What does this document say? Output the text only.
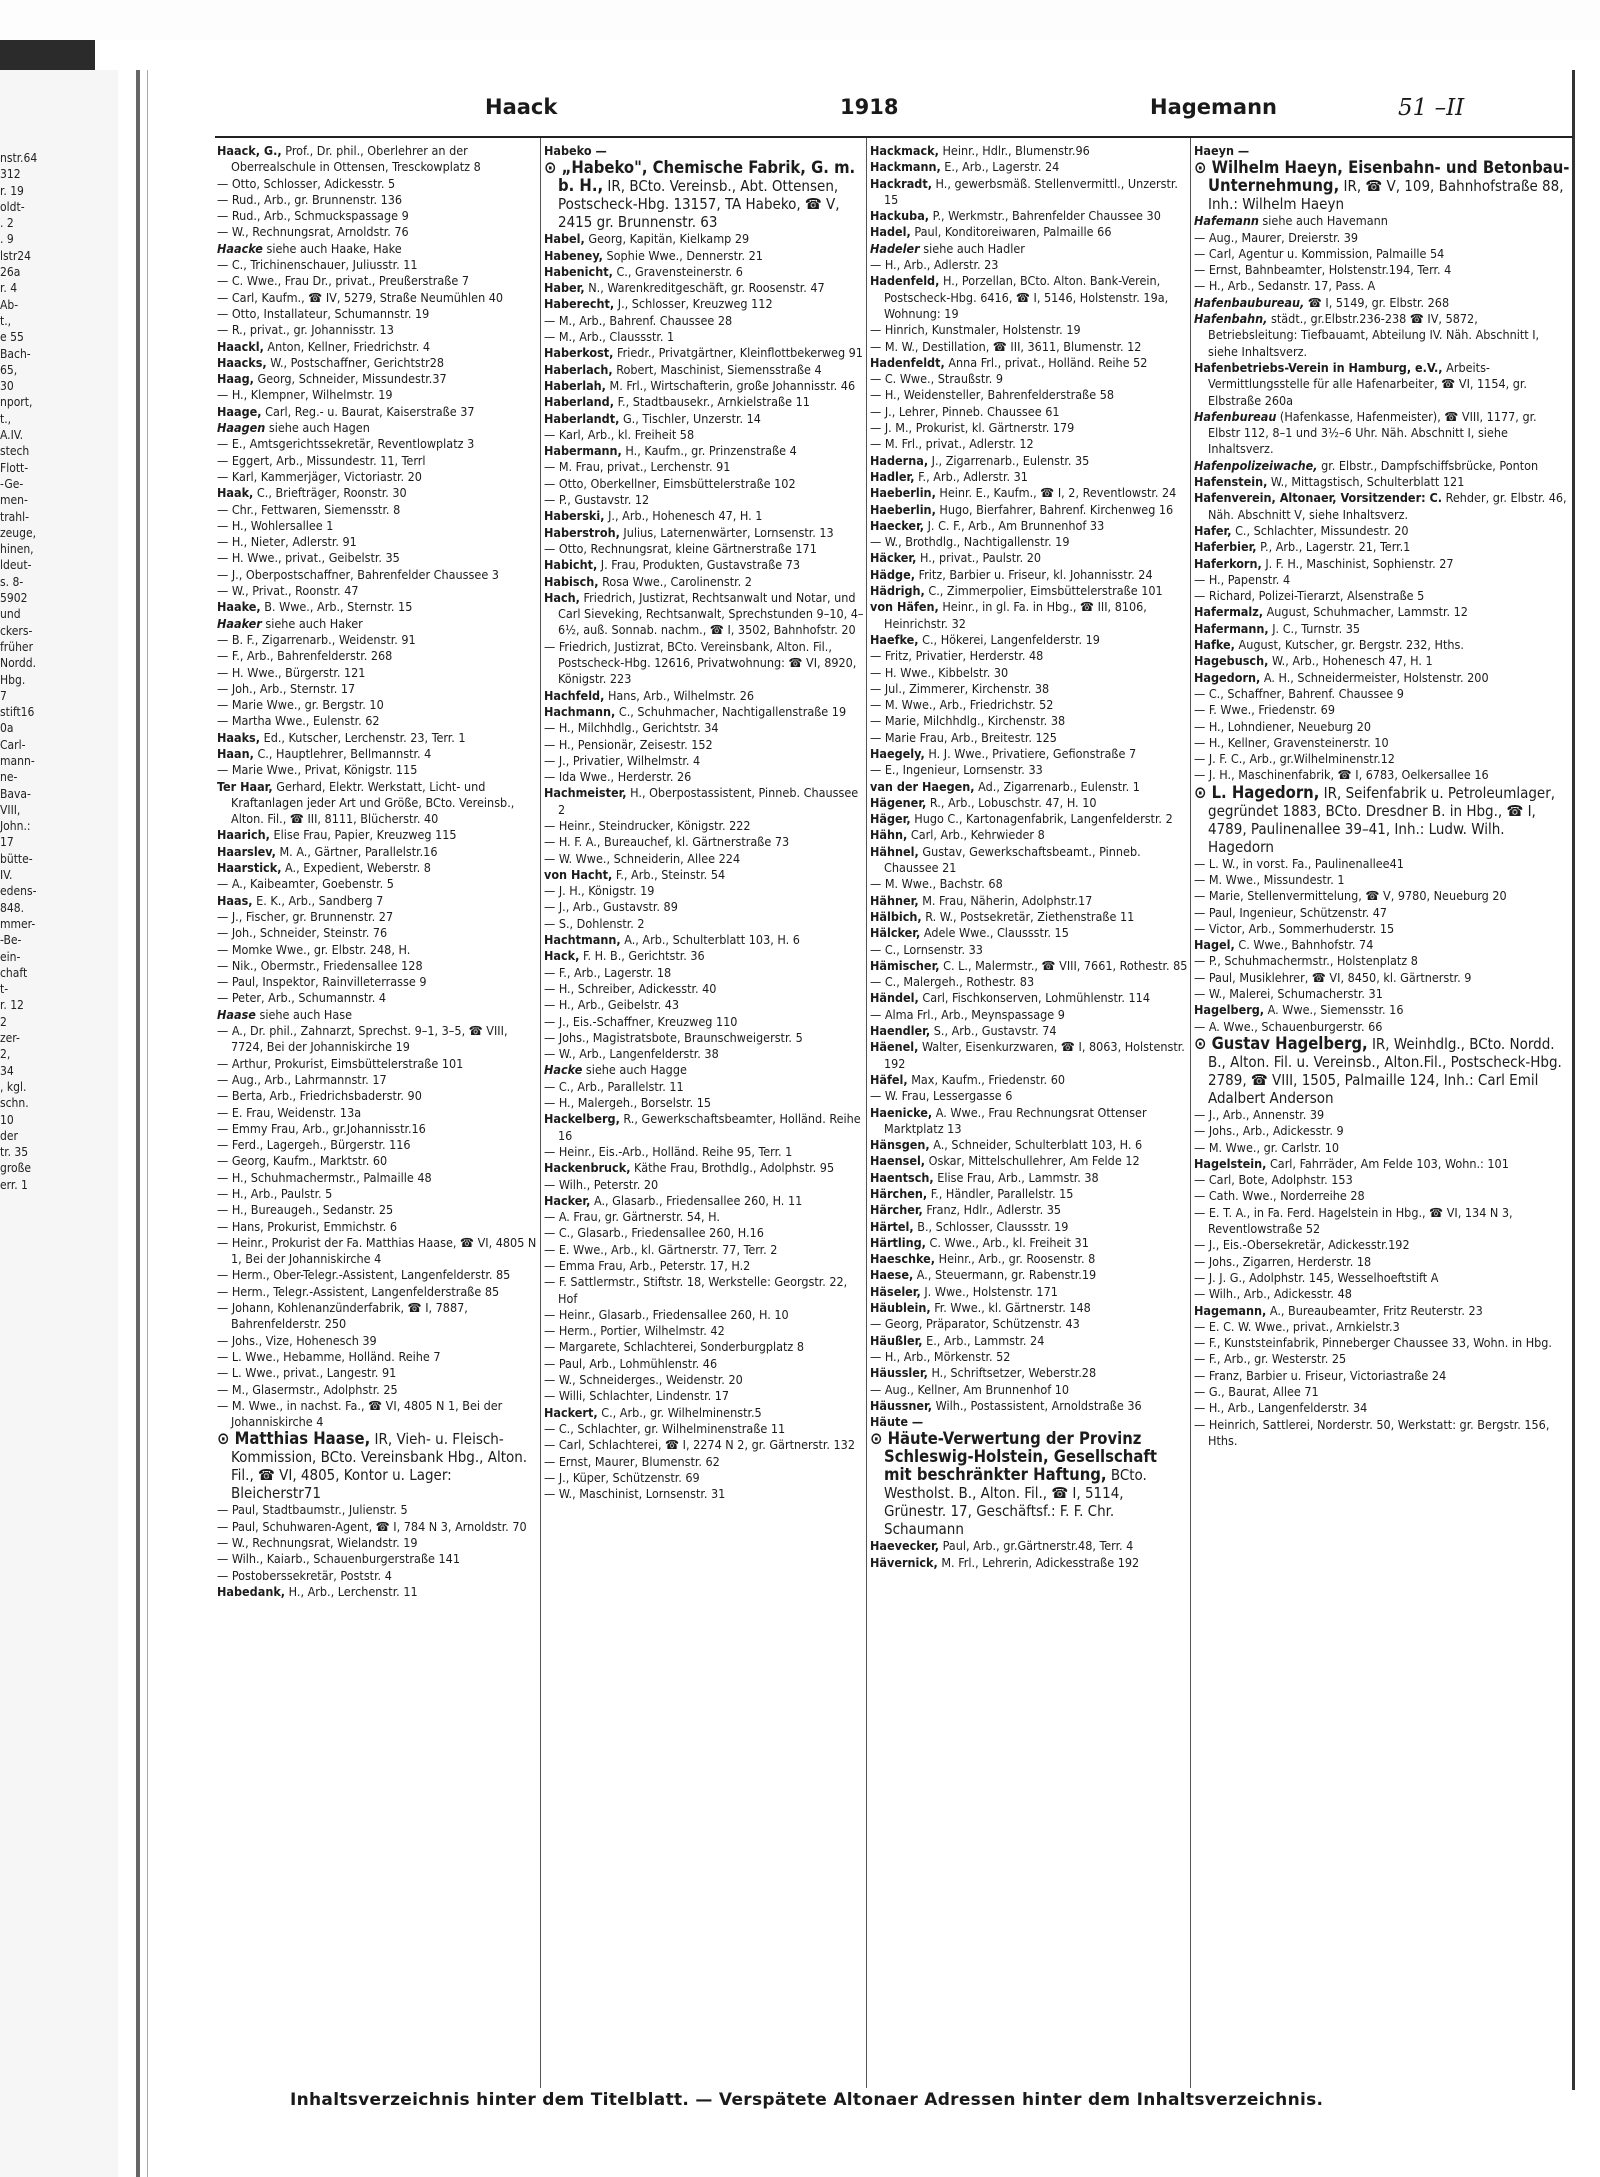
nstr.64
312
r. 19
oldt-
. 2
. 9
lstr24
26a
r. 4
Ab-
t.,
e 55
Bach-
65,
30
nport,
t.,
A.IV.
stech
Flott-
-Ge-
men-
trahl-
zeuge,
hinen,
ldeut-
s. 8-
5902
und
ckers-
früher
Nordd.
Hbg.
7
stift16
0a
Carl-
mann-
ne-
Bava-
VIII,
John.:
17
bütte-
IV.
edens-
848.
mmer-
-Be-
ein-
chaft
t-
r. 12
2
zer-
2,
34
, kgl.
schn.
10
der
tr. 35
große
err. 1
Haack	1918	Hagemann	51 –II
Haack, G., Prof., Dr. phil., Oberlehrer an der Oberrealschule in Ottensen, Tresckowplatz 8
— Otto, Schlosser, Adickesstr. 5
— Rud., Arb., gr. Brunnenstr. 136
— Rud., Arb., Schmuckspassage 9
— W., Rechnungsrat, Arnoldstr. 76
Haacke siehe auch Haake, Hake
— C., Trichinenschauer, Juliusstr. 11
— C. Wwe., Frau Dr., privat., Preußerstraße 7
— Carl, Kaufm., ☎ IV, 5279, Straße Neumühlen 40
— Otto, Installateur, Schumannstr. 19
— R., privat., gr. Johannisstr. 13
Haackl, Anton, Kellner, Friedrichstr. 4
Haacks, W., Postschaffner, Gerichtstr28
Haag, Georg, Schneider, Missundestr.37
— H., Klempner, Wilhelmstr. 19
Haage, Carl, Reg.- u. Baurat, Kaiserstraße 37
Haagen siehe auch Hagen
— E., Amtsgerichtssekretär, Reventlowplatz 3
— Eggert, Arb., Missundestr. 11, Terrl
— Karl, Kammerjäger, Victoriastr. 20
Haak, C., Briefträger, Roonstr. 30
— Chr., Fettwaren, Siemensstr. 8
— H., Wohlersallee 1
— H., Nieter, Adlerstr. 91
— H. Wwe., privat., Geibelstr. 35
— J., Oberpostschaffner, Bahrenfelder Chaussee 3
— W., Privat., Roonstr. 47
Haake, B. Wwe., Arb., Sternstr. 15
Haaker siehe auch Haker
— B. F., Zigarrenarb., Weidenstr. 91
— F., Arb., Bahrenfelderstr. 268
— H. Wwe., Bürgerstr. 121
— Joh., Arb., Sternstr. 17
— Marie Wwe., gr. Bergstr. 10
— Martha Wwe., Eulenstr. 62
Haaks, Ed., Kutscher, Lerchenstr. 23, Terr. 1
Haan, C., Hauptlehrer, Bellmannstr. 4
— Marie Wwe., Privat, Königstr. 115
Ter Haar, Gerhard, Elektr. Werkstatt, Licht- und Kraftanlagen jeder Art und Größe, BCto. Vereinsb., Alton. Fil., ☎ III, 8111, Blücherstr. 40
Haarich, Elise Frau, Papier, Kreuzweg 115
Haarslev, M. A., Gärtner, Parallelstr.16
Haarstick, A., Expedient, Weberstr. 8
— A., Kaibeamter, Goebenstr. 5
Haas, E. K., Arb., Sandberg 7
— J., Fischer, gr. Brunnenstr. 27
— Joh., Schneider, Steinstr. 76
— Momke Wwe., gr. Elbstr. 248, H.
— Nik., Obermstr., Friedensallee 128
— Paul, Inspektor, Rainvilleterrasse 9
— Peter, Arb., Schumannstr. 4
Haase siehe auch Hase
— A., Dr. phil., Zahnarzt, Sprechst. 9–1, 3–5, ☎ VIII, 7724, Bei der Johanniskirche 19
— Arthur, Prokurist, Eimsbüttelerstraße 101
— Aug., Arb., Lahrmannstr. 17
— Berta, Arb., Friedrichsbaderstr. 90
— E. Frau, Weidenstr. 13a
— Emmy Frau, Arb., gr.Johannisstr.16
— Ferd., Lagergeh., Bürgerstr. 116
— Georg, Kaufm., Marktstr. 60
— H., Schuhmachermstr., Palmaille 48
— H., Arb., Paulstr. 5
— H., Bureaugeh., Sedanstr. 25
— Hans, Prokurist, Emmichstr. 6
— Heinr., Prokurist der Fa. Matthias Haase, ☎ VI, 4805 N 1, Bei der Johanniskirche 4
— Herm., Ober-Telegr.-Assistent, Langenfelderstr. 85
— Herm., Telegr.-Assistent, Langenfelderstraße 85
— Johann, Kohlenanzünderfabrik, ☎ I, 7887, Bahrenfelderstr. 250
— Johs., Vize, Hohenesch 39
— L. Wwe., Hebamme, Holländ. Reihe 7
— L. Wwe., privat., Langestr. 91
— M., Glasermstr., Adolphstr. 25
— M. Wwe., in nachst. Fa., ☎ VI, 4805 N 1, Bei der Johanniskirche 4
⊙ Matthias Haase, IR, Vieh- u. Fleisch-Kommission, BCto. Vereinsbank Hbg., Alton. Fil., ☎ VI, 4805, Kontor u. Lager: Bleicherstr71
— Paul, Stadtbaumstr., Julienstr. 5
— Paul, Schuhwaren-Agent, ☎ I, 784 N 3, Arnoldstr. 70
— W., Rechnungsrat, Wielandstr. 19
— Wilh., Kaiarb., Schauenburgerstraße 141
— Postoberssekretär, Poststr. 4
Habedank, H., Arb., Lerchenstr. 11
Habeko —
⊙ „Habeko", Chemische Fabrik, G. m. b. H., IR, BCto. Vereinsb., Abt. Ottensen, Postscheck-Hbg. 13157, TA Habeko, ☎ V, 2415 gr. Brunnenstr. 63
Habel, Georg, Kapitän, Kielkamp 29
Habeney, Sophie Wwe., Dennerstr. 21
Habenicht, C., Gravensteinerstr. 6
Haber, N., Warenkreditgeschäft, gr. Roosenstr. 47
Haberecht, J., Schlosser, Kreuzweg 112
— M., Arb., Bahrenf. Chaussee 28
— M., Arb., Claussstr. 1
Haberkost, Friedr., Privatgärtner, Kleinflottbekerweg 91
Haberlach, Robert, Maschinist, Siemensstraße 4
Haberlah, M. Frl., Wirtschafterin, große Johannisstr. 46
Haberland, F., Stadtbausekr., Arnkielstraße 11
Haberlandt, G., Tischler, Unzerstr. 14
— Karl, Arb., kl. Freiheit 58
Habermann, H., Kaufm., gr. Prinzenstraße 4
— M. Frau, privat., Lerchenstr. 91
— Otto, Oberkellner, Eimsbüttelerstraße 102
— P., Gustavstr. 12
Haberski, J., Arb., Hohenesch 47, H. 1
Haberstroh, Julius, Laternenwärter, Lornsenstr. 13
— Otto, Rechnungsrat, kleine Gärtnerstraße 171
Habicht, J. Frau, Produkten, Gustavstraße 73
Habisch, Rosa Wwe., Carolinenstr. 2
Hach, Friedrich, Justizrat, Rechtsanwalt und Notar, und Carl Sieveking, Rechtsanwalt, Sprechstunden 9–10, 4–6½, auß. Sonnab. nachm., ☎ I, 3502, Bahnhofstr. 20
— Friedrich, Justizrat, BCto. Vereinsbank, Alton. Fil., Postscheck-Hbg. 12616, Privatwohnung: ☎ VI, 8920, Königstr. 223
Hachfeld, Hans, Arb., Wilhelmstr. 26
Hachmann, C., Schuhmacher, Nachtigallenstraße 19
— H., Milchhdlg., Gerichtstr. 34
— H., Pensionär, Zeisestr. 152
— J., Privatier, Wilhelmstr. 4
— Ida Wwe., Herderstr. 26
Hachmeister, H., Oberpostassistent, Pinneb. Chaussee 2
— Heinr., Steindrucker, Königstr. 222
— H. F. A., Bureauchef, kl. Gärtnerstraße 73
— W. Wwe., Schneiderin, Allee 224
von Hacht, F., Arb., Steinstr. 54
— J. H., Königstr. 19
— J., Arb., Gustavstr. 89
— S., Dohlenstr. 2
Hachtmann, A., Arb., Schulterblatt 103, H. 6
Hack, F. H. B., Gerichtstr. 36
— F., Arb., Lagerstr. 18
— H., Schreiber, Adickesstr. 40
— H., Arb., Geibelstr. 43
— J., Eis.-Schaffner, Kreuzweg 110
— Johs., Magistratsbote, Braunschweigerstr. 5
— W., Arb., Langenfelderstr. 38
Hacke siehe auch Hagge
— C., Arb., Parallelstr. 11
— H., Malergeh., Borselstr. 15
Hackelberg, R., Gewerkschaftsbeamter, Holländ. Reihe 16
— Heinr., Eis.-Arb., Holländ. Reihe 95, Terr. 1
Hackenbruck, Käthe Frau, Brothdlg., Adolphstr. 95
— Wilh., Peterstr. 20
Hacker, A., Glasarb., Friedensallee 260, H. 11
— A. Frau, gr. Gärtnerstr. 54, H.
— C., Glasarb., Friedensallee 260, H.16
— E. Wwe., Arb., kl. Gärtnerstr. 77, Terr. 2
— Emma Frau, Arb., Peterstr. 17, H.2
— F. Sattlermstr., Stiftstr. 18, Werkstelle: Georgstr. 22, Hof
— Heinr., Glasarb., Friedensallee 260, H. 10
— Herm., Portier, Wilhelmstr. 42
— Margarete, Schlachterei, Sonderburgplatz 8
— Paul, Arb., Lohmühlenstr. 46
— W., Schneiderges., Weidenstr. 20
— Willi, Schlachter, Lindenstr. 17
Hackert, C., Arb., gr. Wilhelminenstr.5
— C., Schlachter, gr. Wilhelminenstraße 11
— Carl, Schlachterei, ☎ I, 2274 N 2, gr. Gärtnerstr. 132
— Ernst, Maurer, Blumenstr. 62
— J., Küper, Schützenstr. 69
— W., Maschinist, Lornsenstr. 31
Hackmack, Heinr., Hdlr., Blumenstr.96
Hackmann, E., Arb., Lagerstr. 24
Hackradt, H., gewerbsmäß. Stellenvermittl., Unzerstr. 15
Hackuba, P., Werkmstr., Bahrenfelder Chaussee 30
Hadel, Paul, Konditoreiwaren, Palmaille 66
Hadeler siehe auch Hadler
— H., Arb., Adlerstr. 23
Hadenfeld, H., Porzellan, BCto. Alton. Bank-Verein, Postscheck-Hbg. 6416, ☎ I, 5146, Holstenstr. 19a, Wohnung: 19
— Hinrich, Kunstmaler, Holstenstr. 19
— M. W., Destillation, ☎ III, 3611, Blumenstr. 12
Hadenfeldt, Anna Frl., privat., Holländ. Reihe 52
— C. Wwe., Straußstr. 9
— H., Weidensteller, Bahrenfelderstraße 58
— J., Lehrer, Pinneb. Chaussee 61
— J. M., Prokurist, kl. Gärtnerstr. 179
— M. Frl., privat., Adlerstr. 12
Haderna, J., Zigarrenarb., Eulenstr. 35
Hadler, F., Arb., Adlerstr. 31
Haeberlin, Heinr. E., Kaufm., ☎ I, 2, Reventlowstr. 24
Haeberlin, Hugo, Bierfahrer, Bahrenf. Kirchenweg 16
Haecker, J. C. F., Arb., Am Brunnenhof 33
— W., Brothdlg., Nachtigallenstr. 19
Häcker, H., privat., Paulstr. 20
Hädge, Fritz, Barbier u. Friseur, kl. Johannisstr. 24
Hädrigh, C., Zimmerpolier, Eimsbüttelerstraße 101
von Häfen, Heinr., in gl. Fa. in Hbg., ☎ III, 8106, Heinrichstr. 32
Haefke, C., Hökerei, Langenfelderstr. 19
— Fritz, Privatier, Herderstr. 48
— H. Wwe., Kibbelstr. 30
— Jul., Zimmerer, Kirchenstr. 38
— M. Wwe., Arb., Friedrichstr. 52
— Marie, Milchhdlg., Kirchenstr. 38
— Marie Frau, Arb., Breitestr. 125
Haegely, H. J. Wwe., Privatiere, Gefionstraße 7
— E., Ingenieur, Lornsenstr. 33
van der Haegen, Ad., Zigarrenarb., Eulenstr. 1
Hägener, R., Arb., Lobuschstr. 47, H. 10
Häger, Hugo C., Kartonagenfabrik, Langenfelderstr. 2
Hähn, Carl, Arb., Kehrwieder 8
Hähnel, Gustav, Gewerkschaftsbeamt., Pinneb. Chaussee 21
— M. Wwe., Bachstr. 68
Hähner, M. Frau, Näherin, Adolphstr.17
Hälbich, R. W., Postsekretär, Ziethenstraße 11
Hälcker, Adele Wwe., Claussstr. 15
— C., Lornsenstr. 33
Hämischer, C. L., Malermstr., ☎ VIII, 7661, Rothestr. 85
— C., Malergeh., Rothestr. 83
Händel, Carl, Fischkonserven, Lohmühlenstr. 114
— Alma Frl., Arb., Meynspassage 9
Haendler, S., Arb., Gustavstr. 74
Häenel, Walter, Eisenkurzwaren, ☎ I, 8063, Holstenstr. 192
Häfel, Max, Kaufm., Friedenstr. 60
— W. Frau, Lessergasse 6
Haenicke, A. Wwe., Frau Rechnungsrat Ottenser Marktplatz 13
Hänsgen, A., Schneider, Schulterblatt 103, H. 6
Haensel, Oskar, Mittelschullehrer, Am Felde 12
Haentsch, Elise Frau, Arb., Lammstr. 38
Härchen, F., Händler, Parallelstr. 15
Härcher, Franz, Hdlr., Adlerstr. 35
Härtel, B., Schlosser, Claussstr. 19
Härtling, C. Wwe., Arb., kl. Freiheit 31
Haeschke, Heinr., Arb., gr. Roosenstr. 8
Haese, A., Steuermann, gr. Rabenstr.19
Häseler, J. Wwe., Holstenstr. 171
Häublein, Fr. Wwe., kl. Gärtnerstr. 148
— Georg, Präparator, Schützenstr. 43
Häußler, E., Arb., Lammstr. 24
— H., Arb., Mörkenstr. 52
Häussler, H., Schriftsetzer, Weberstr.28
— Aug., Kellner, Am Brunnenhof 10
Häussner, Wilh., Postassistent, Arnoldstraße 36
Häute —
⊙ Häute-Verwertung der Provinz Schleswig-Holstein, Gesellschaft mit beschränkter Haftung, BCto. Westholst. B., Alton. Fil., ☎ I, 5114, Grünestr. 17, Geschäftsf.: F. F. Chr. Schaumann
Haevecker, Paul, Arb., gr.Gärtnerstr.48, Terr. 4
Hävernick, M. Frl., Lehrerin, Adickesstraße 192
Haeyn —
⊙ Wilhelm Haeyn, Eisenbahn- und Betonbau-Unternehmung, IR, ☎ V, 109, Bahnhofstraße 88, Inh.: Wilhelm Haeyn
Hafemann siehe auch Havemann
— Aug., Maurer, Dreierstr. 39
— Carl, Agentur u. Kommission, Palmaille 54
— Ernst, Bahnbeamter, Holstenstr.194, Terr. 4
— H., Arb., Sedanstr. 17, Pass. A
Hafenbaubureau, ☎ I, 5149, gr. Elbstr. 268
Hafenbahn, städt., gr.Elbstr.236-238 ☎ IV, 5872, Betriebsleitung: Tiefbauamt, Abteilung IV. Näh. Abschnitt I, siehe Inhaltsverz.
Hafenbetriebs-Verein in Hamburg, e.V., Arbeits-Vermittlungsstelle für alle Hafenarbeiter, ☎ VI, 1154, gr. Elbstraße 260a
Hafenbureau (Hafenkasse, Hafenmeister), ☎ VIII, 1177, gr. Elbstr 112, 8–1 und 3½–6 Uhr. Näh. Abschnitt I, siehe Inhaltsverz.
Hafenpolizeiwache, gr. Elbstr., Dampfschiffsbrücke, Ponton
Hafenstein, W., Mittagstisch, Schulterblatt 121
Hafenverein, Altonaer, Vorsitzender: C. Rehder, gr. Elbstr. 46, Näh. Abschnitt V, siehe Inhaltsverz.
Hafer, C., Schlachter, Missundestr. 20
Haferbier, P., Arb., Lagerstr. 21, Terr.1
Haferkorn, J. F. H., Maschinist, Sophienstr. 27
— H., Papenstr. 4
— Richard, Polizei-Tierarzt, Alsenstraße 5
Hafermalz, August, Schuhmacher, Lammstr. 12
Hafermann, J. C., Turnstr. 35
Hafke, August, Kutscher, gr. Bergstr. 232, Hths.
Hagebusch, W., Arb., Hohenesch 47, H. 1
Hagedorn, A. H., Schneidermeister, Holstenstr. 200
— C., Schaffner, Bahrenf. Chaussee 9
— F. Wwe., Friedenstr. 69
— H., Lohndiener, Neueburg 20
— H., Kellner, Gravensteinerstr. 10
— J. F. C., Arb., gr.Wilhelminenstr.12
— J. H., Maschinenfabrik, ☎ I, 6783, Oelkersallee 16
⊙ L. Hagedorn, IR, Seifenfabrik u. Petroleumlager, gegründet 1883, BCto. Dresdner B. in Hbg., ☎ I, 4789, Paulinenallee 39–41, Inh.: Ludw. Wilh. Hagedorn
— L. W., in vorst. Fa., Paulinenallee41
— M. Wwe., Missundestr. 1
— Marie, Stellenvermittelung, ☎ V, 9780, Neueburg 20
— Paul, Ingenieur, Schützenstr. 47
— Victor, Arb., Sommerhuderstr. 15
Hagel, C. Wwe., Bahnhofstr. 74
— P., Schuhmachermstr., Holstenplatz 8
— Paul, Musiklehrer, ☎ VI, 8450, kl. Gärtnerstr. 9
— W., Malerei, Schumacherstr. 31
Hagelberg, A. Wwe., Siemensstr. 16
— A. Wwe., Schauenburgerstr. 66
⊙ Gustav Hagelberg, IR, Weinhdlg., BCto. Nordd. B., Alton. Fil. u. Vereinsb., Alton.Fil., Postscheck-Hbg. 2789, ☎ VIII, 1505, Palmaille 124, Inh.: Carl Emil Adalbert Anderson
— J., Arb., Annenstr. 39
— Johs., Arb., Adickesstr. 9
— M. Wwe., gr. Carlstr. 10
Hagelstein, Carl, Fahrräder, Am Felde 103, Wohn.: 101
— Carl, Bote, Adolphstr. 153
— Cath. Wwe., Norderreihe 28
— E. T. A., in Fa. Ferd. Hagelstein in Hbg., ☎ VI, 134 N 3, Reventlowstraße 52
— J., Eis.-Obersekretär, Adickesstr.192
— Johs., Zigarren, Herderstr. 18
— J. J. G., Adolphstr. 145, Wesselhoeftstift A
— Wilh., Arb., Adickesstr. 48
Hagemann, A., Bureaubeamter, Fritz Reuterstr. 23
— E. C. W. Wwe., privat., Arnkielstr.3
— F., Kunststeinfabrik, Pinneberger Chaussee 33, Wohn. in Hbg.
— F., Arb., gr. Westerstr. 25
— Franz, Barbier u. Friseur, Victoriastraße 24
— G., Baurat, Allee 71
— H., Arb., Langenfelderstr. 34
— Heinrich, Sattlerei, Norderstr. 50, Werkstatt: gr. Bergstr. 156, Hths.
Inhaltsverzeichnis hinter dem Titelblatt. — Verspätete Altonaer Adressen hinter dem Inhaltsverzeichnis.
